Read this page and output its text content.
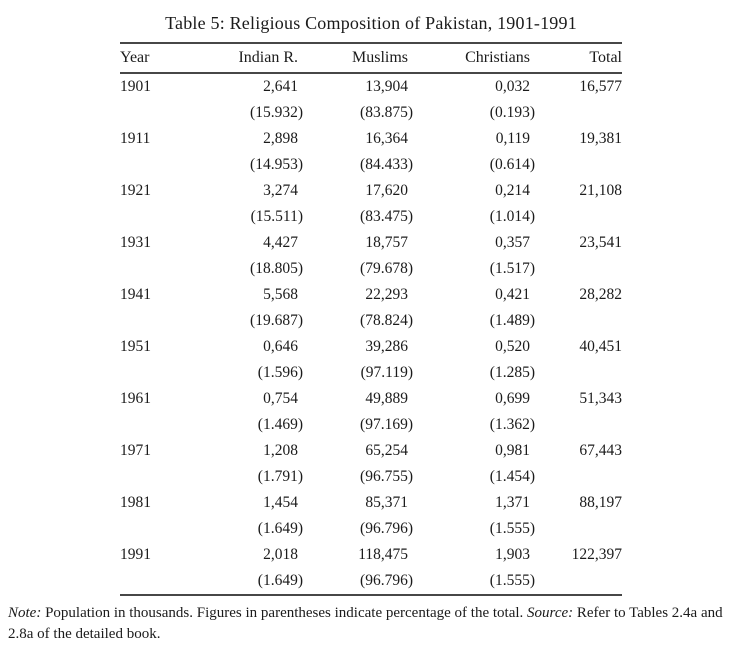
Table 5: Religious Composition of Pakistan, 1901-1991
Year	Indian R.	Muslims	Christians	Total
1901	2,641	13,904	0,032	16,577
	(15.932)	(83.875)	(0.193)	
1911	2,898	16,364	0,119	19,381
	(14.953)	(84.433)	(0.614)	
1921	3,274	17,620	0,214	21,108
	(15.511)	(83.475)	(1.014)	
1931	4,427	18,757	0,357	23,541
	(18.805)	(79.678)	(1.517)	
1941	5,568	22,293	0,421	28,282
	(19.687)	(78.824)	(1.489)	
1951	0,646	39,286	0,520	40,451
	(1.596)	(97.119)	(1.285)	
1961	0,754	49,889	0,699	51,343
	(1.469)	(97.169)	(1.362)	
1971	1,208	65,254	0,981	67,443
	(1.791)	(96.755)	(1.454)	
1981	1,454	85,371	1,371	88,197
	(1.649)	(96.796)	(1.555)	
1991	2,018	118,475	1,903	122,397
	(1.649)	(96.796)	(1.555)	

Note: Population in thousands. Figures in parentheses indicate percentage of the total. Source: Refer to Tables 2.4a and 2.8a of the detailed book.
